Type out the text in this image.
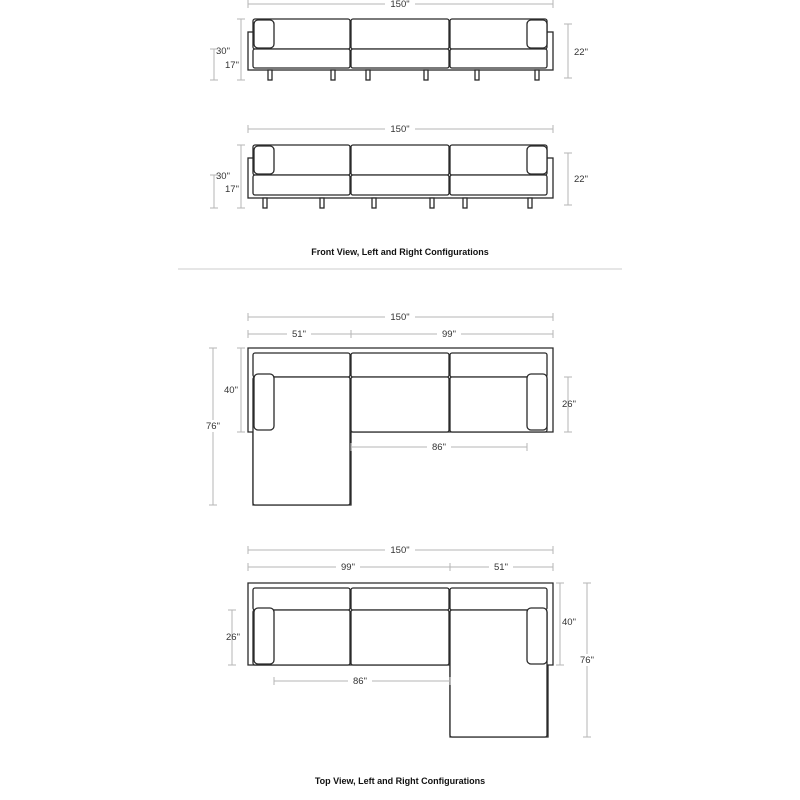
150"
30"
17"
22"
150"
30"
17"
22"
Front View, Left and Right Configurations
150"
51"	99"
40"
76"
26"
86"
150"
99"	51"
26"
40"
76"
86"
Top View, Left and Right Configurations
